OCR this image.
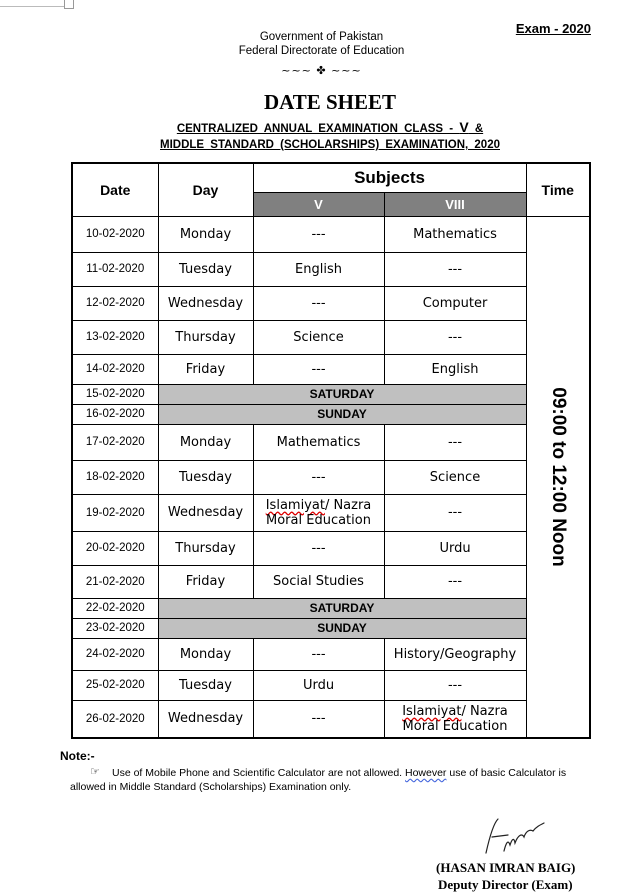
Exam - 2020
Government of Pakistan
Federal Directorate of Education
~~~ ✤ ~~~
DATE SHEET
CENTRALIZED ANNUAL EXAMINATION CLASS - V &
MIDDLE STANDARD (SCHOLARSHIPS) EXAMINATION, 2020
Date	Day	Subjects		Time
		V	VIII	
10-02-2020	Monday	---	Mathematics	09:00 to 12:00 Noon

11-02-2020	Tuesday	English	---	
12-02-2020	Wednesday	---	Computer	
13-02-2020	Thursday	Science	---	
14-02-2020	Friday	---	English	
15-02-2020	SATURDAY			
16-02-2020	SUNDAY			
17-02-2020	Monday	Mathematics	---	
18-02-2020	Tuesday	---	Science	
19-02-2020	Wednesday	Islamiyat/ Nazra
Moral Education	---	
20-02-2020	Thursday	---	Urdu	
21-02-2020	Friday	Social Studies	---	
22-02-2020	SATURDAY			
23-02-2020	SUNDAY			
24-02-2020	Monday	---	History/Geography	
25-02-2020	Tuesday	Urdu	---	
26-02-2020	Wednesday	---	Islamiyat/ Nazra
Moral Education	
Note:-
☞	Use of Mobile Phone and Scientific Calculator are not allowed. However use of basic Calculator is allowed in Middle Standard (Scholarships) Examination only.
(HASAN IMRAN BAIG)
Deputy Director (Exam)
